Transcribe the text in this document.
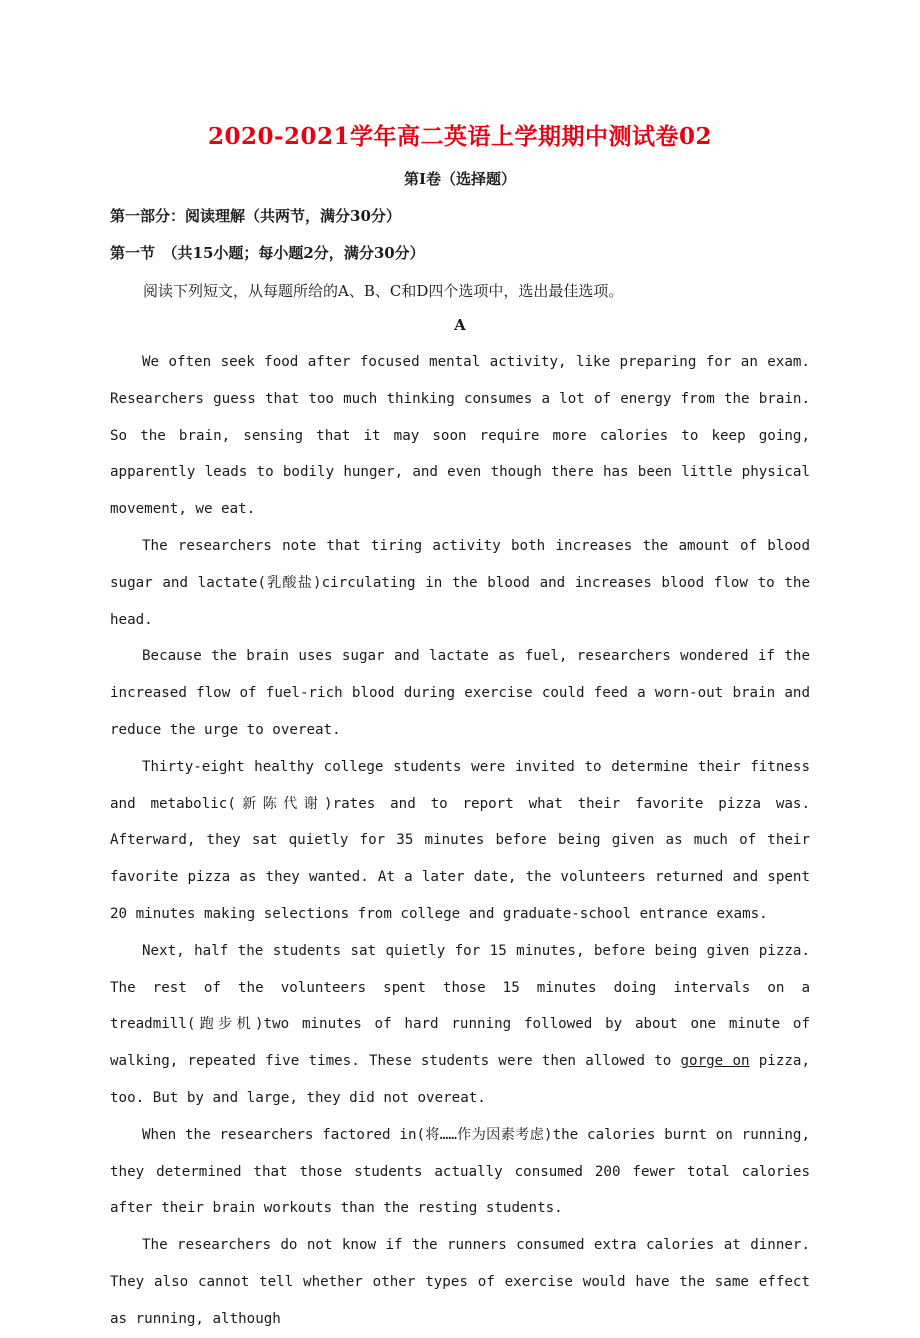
2020-2021学年高二英语上学期期中测试卷02
第I卷（选择题）
第一部分：阅读理解（共两节，满分30分）
第一节　（共15小题；每小题2分，满分30分）
阅读下列短文，从每题所给的A、B、C和D四个选项中，选出最佳选项。
A

We often seek food after focused mental activity, like preparing for an exam. Researchers guess that too much thinking consumes a lot of energy from the brain. So the brain, sensing that it may soon require more calories to keep going, apparently leads to bodily hunger, and even though there has been little physical movement, we eat.

The researchers note that tiring activity both increases the amount of blood sugar and lactate(乳酸盐)circulating in the blood and increases blood flow to the head.

Because the brain uses sugar and lactate as fuel, researchers wondered if the increased flow of fuel-rich blood during exercise could feed a worn-out brain and reduce the urge to overeat.

Thirty-eight healthy college students were invited to determine their fitness and metabolic(新陈代谢)rates and to report what their favorite pizza was. Afterward, they sat quietly for 35 minutes before being given as much of their favorite pizza as they wanted. At a later date, the volunteers returned and spent 20 minutes making selections from college and graduate-school entrance exams.

Next, half the students sat quietly for 15 minutes, before being given pizza. The rest of the volunteers spent those 15 minutes doing intervals on a treadmill(跑步机)two minutes of hard running followed by about one minute of walking, repeated five times. These students were then allowed to gorge on pizza, too. But by and large, they did not overeat.

When the researchers factored in(将……作为因素考虑)the calories burnt on running, they determined that those students actually consumed 200 fewer total calories after their brain workouts than the resting students.

The researchers do not know if the runners consumed extra calories at dinner. They also cannot tell whether other types of exercise would have the same effect as running, although
